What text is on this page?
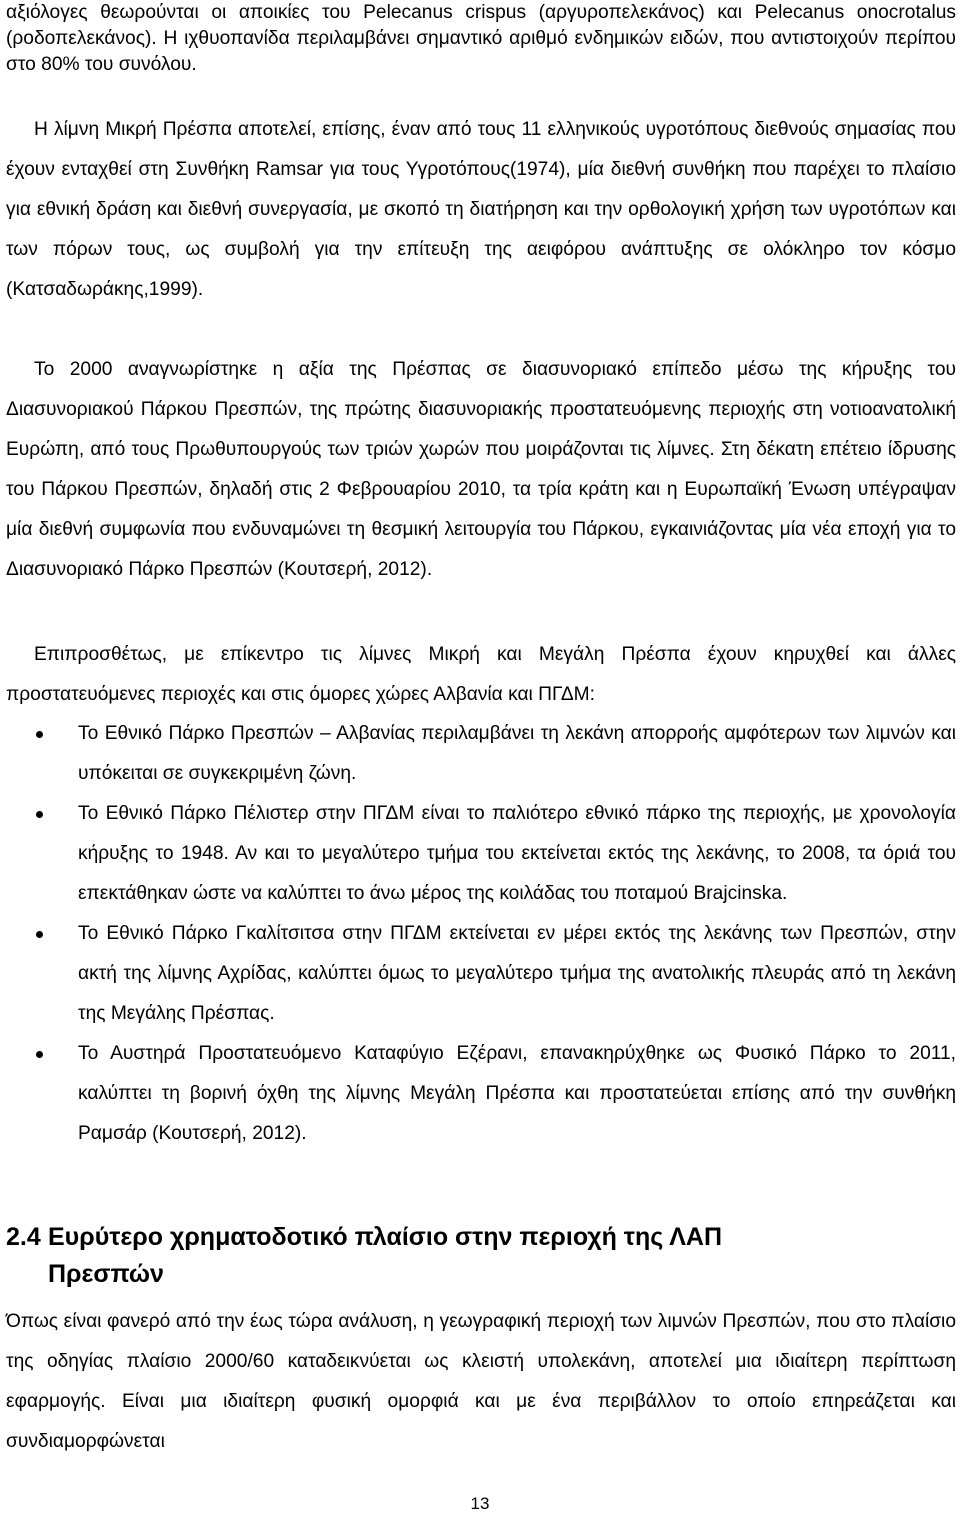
αξιόλογες θεωρούνται οι αποικίες του Pelecanus crispus (αργυροπελεκάνος) και Pelecanus onocrotalus (ροδοπελεκάνος). Η ιχθυοπανίδα περιλαμβάνει σημαντικό αριθμό ενδημικών ειδών, που αντιστοιχούν περίπου στο 80% του συνόλου.

Η λίμνη Μικρή Πρέσπα αποτελεί, επίσης, έναν από τους 11 ελληνικούς υγροτόπους διεθνούς σημασίας που έχουν ενταχθεί στη Συνθήκη Ramsar για τους Υγροτόπους(1974), μία διεθνή συνθήκη που παρέχει το πλαίσιο για εθνική δράση και διεθνή συνεργασία, με σκοπό τη διατήρηση και την ορθολογική χρήση των υγροτόπων και των πόρων τους, ως συμβολή για την επίτευξη της αειφόρου ανάπτυξης σε ολόκληρο τον κόσμο (Κατσαδωράκης,1999).

Το 2000 αναγνωρίστηκε η αξία της Πρέσπας σε διασυνοριακό επίπεδο μέσω της κήρυξης του Διασυνοριακού Πάρκου Πρεσπών, της πρώτης διασυνοριακής προστατευόμενης περιοχής στη νοτιοανατολική Ευρώπη, από τους Πρωθυπουργούς των τριών χωρών που μοιράζονται τις λίμνες. Στη δέκατη επέτειο ίδρυσης του Πάρκου Πρεσπών, δηλαδή στις 2 Φεβρουαρίου 2010, τα τρία κράτη και η Ευρωπαϊκή Ένωση υπέγραψαν μία διεθνή συμφωνία που ενδυναμώνει τη θεσμική λειτουργία του Πάρκου, εγκαινιάζοντας μία νέα εποχή για το Διασυνοριακό Πάρκο Πρεσπών (Κουτσερή, 2012).

Επιπροσθέτως, με επίκεντρο τις λίμνες Μικρή και Μεγάλη Πρέσπα έχουν κηρυχθεί και άλλες προστατευόμενες περιοχές και στις όμορες χώρες Αλβανία και ΠΓΔΜ:

Το Εθνικό Πάρκο Πρεσπών – Αλβανίας περιλαμβάνει τη λεκάνη απορροής αμφότερων των λιμνών και υπόκειται σε συγκεκριμένη ζώνη.
Το Εθνικό Πάρκο Πέλιστερ στην ΠΓΔΜ είναι το παλιότερο εθνικό πάρκο της περιοχής, με χρονολογία κήρυξης το 1948. Αν και το μεγαλύτερο τμήμα του εκτείνεται εκτός της λεκάνης, το 2008, τα όριά του επεκτάθηκαν ώστε να καλύπτει το άνω μέρος της κοιλάδας του ποταμού Brajcinska.
Το Εθνικό Πάρκο Γκαλίτσιτσα στην ΠΓΔΜ εκτείνεται εν μέρει εκτός της λεκάνης των Πρεσπών, στην ακτή της λίμνης Αχρίδας, καλύπτει όμως το μεγαλύτερο τμήμα της ανατολικής πλευράς από τη λεκάνη της Μεγάλης Πρέσπας.
Το Αυστηρά Προστατευόμενο Καταφύγιο Εζέρανι, επανακηρύχθηκε ως Φυσικό Πάρκο το 2011, καλύπτει τη βορινή όχθη της λίμνης Μεγάλη Πρέσπα και προστατεύεται επίσης από την συνθήκη Ραμσάρ (Κουτσερή, 2012).
2.4 Ευρύτερο χρηματοδοτικό πλαίσιο στην περιοχή της ΛΑΠ
Πρεσπών

Όπως είναι φανερό από την έως τώρα ανάλυση, η γεωγραφική περιοχή των λιμνών Πρεσπών, που στο πλαίσιο της οδηγίας πλαίσιο 2000/60 καταδεικνύεται ως κλειστή υπολεκάνη, αποτελεί μια ιδιαίτερη περίπτωση εφαρμογής. Είναι μια ιδιαίτερη φυσική ομορφιά και με ένα περιβάλλον το οποίο επηρεάζεται και συνδιαμορφώνεται

13
